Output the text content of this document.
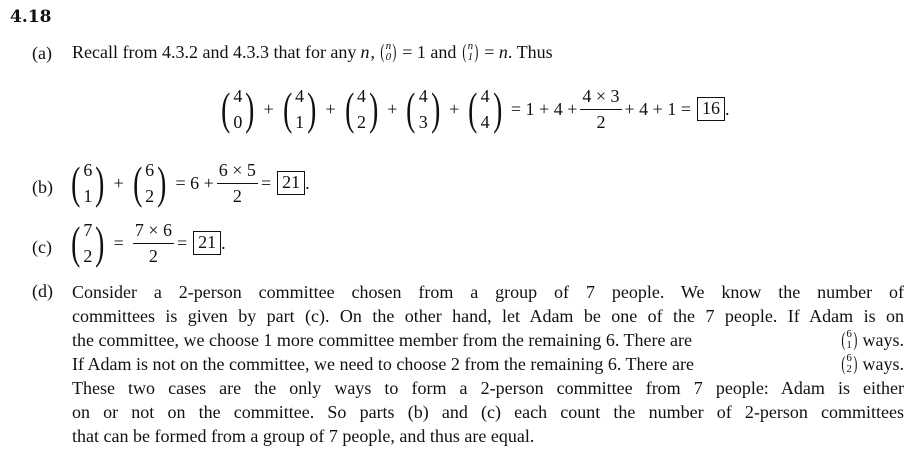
4.18
(a) Recall from 4.3.2 and 4.3.3 that for any n , ( n
0 ) = 1 and ( n
1 ) = n . Thus
( 4
0 ) + ( 4
1 ) + ( 4
2 ) + ( 4
3 ) + ( 4
4 ) = $1 + 4 + \frac{4 \times 3}{2} + 4 + 1 = 16$ .
(b) ( 6
1 ) + ( 6
2 ) = $6 + \frac{6 \times 5}{2} = 21$ .
(c) ( 7
2 ) = $\frac{7 \times 6}{2} = 21$ .
(d) Consider a 2-person committee chosen from a group of 7 people. We know the number of
committees is given by part (c). On the other hand, let Adam be one of the 7 people. If Adam is on
the committee, we choose 1 more committee member from the remaining 6. There are	( 6
1 ) ways.
If Adam is not on the committee, we need to choose 2 from the remaining 6. There are	( 6
2 ) ways.
These two cases are the only ways to form a 2-person committee from 7 people: Adam is either
on or not on the committee. So parts (b) and (c) each count the number of 2-person committees
that can be formed from a group of 7 people, and thus are equal.
